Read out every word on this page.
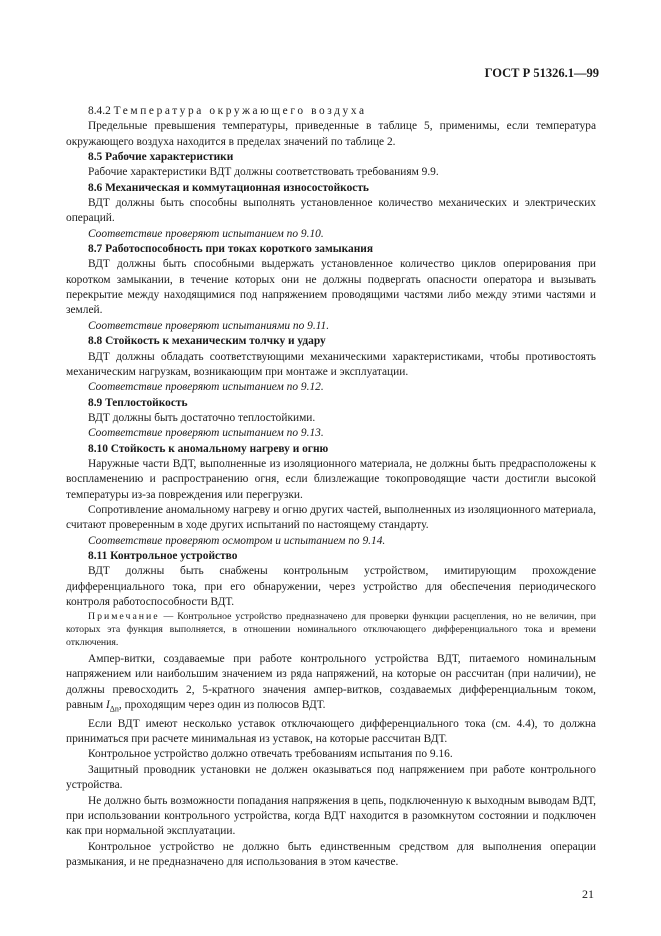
ГОСТ Р 51326.1—99

8.4.2 Температура окружающего воздуха

Предельные превышения температуры, приведенные в таблице 5, применимы, если температура окружающего воздуха находится в пределах значений по таблице 2.

8.5 Рабочие характеристики

Рабочие характеристики ВДТ должны соответствовать требованиям 9.9.

8.6 Механическая и коммутационная износостойкость

ВДТ должны быть способны выполнять установленное количество механических и электрических операций.

Соответствие проверяют испытанием по 9.10.

8.7 Работоспособность при токах короткого замыкания

ВДТ должны быть способными выдержать установленное количество циклов оперирования при коротком замыкании, в течение которых они не должны подвергать опасности оператора и вызывать перекрытие между находящимися под напряжением проводящими частями либо между этими частями и землей.

Соответствие проверяют испытаниями по 9.11.

8.8 Стойкость к механическим толчку и удару

ВДТ должны обладать соответствующими механическими характеристиками, чтобы противостоять механическим нагрузкам, возникающим при монтаже и эксплуатации.

Соответствие проверяют испытанием по 9.12.

8.9 Теплостойкость

ВДТ должны быть достаточно теплостойкими.

Соответствие проверяют испытанием по 9.13.

8.10 Стойкость к аномальному нагреву и огню

Наружные части ВДТ, выполненные из изоляционного материала, не должны быть предрасположены к воспламенению и распространению огня, если близлежащие токопроводящие части достигли высокой температуры из-за повреждения или перегрузки.

Сопротивление аномальному нагреву и огню других частей, выполненных из изоляционного материала, считают проверенным в ходе других испытаний по настоящему стандарту.

Соответствие проверяют осмотром и испытанием по 9.14.

8.11 Контрольное устройство

ВДТ должны быть снабжены контрольным устройством, имитирующим прохождение дифференциального тока, при его обнаружении, через устройство для обеспечения периодического контроля работоспособности ВДТ.

Примечание — Контрольное устройство предназначено для проверки функции расцепления, но не величин, при которых эта функция выполняется, в отношении номинального отключающего дифференциального тока и времени отключения.

Ампер-витки, создаваемые при работе контрольного устройства ВДТ, питаемого номинальным напряжением или наибольшим значением из ряда напряжений, на которые он рассчитан (при наличии), не должны превосходить 2, 5-кратного значения ампер-витков, создаваемых дифференциальным током, равным $I_{\Delta n}$, проходящим через один из полюсов ВДТ.

Если ВДТ имеют несколько уставок отключающего дифференциального тока (см. 4.4), то должна приниматься при расчете минимальная из уставок, на которые рассчитан ВДТ.

Контрольное устройство должно отвечать требованиям испытания по 9.16.

Защитный проводник установки не должен оказываться под напряжением при работе контрольного устройства.

Не должно быть возможности попадания напряжения в цепь, подключенную к выходным выводам ВДТ, при использовании контрольного устройства, когда ВДТ находится в разомкнутом состоянии и подключен как при нормальной эксплуатации.

Контрольное устройство не должно быть единственным средством для выполнения операции размыкания, и не предназначено для использования в этом качестве.

21
